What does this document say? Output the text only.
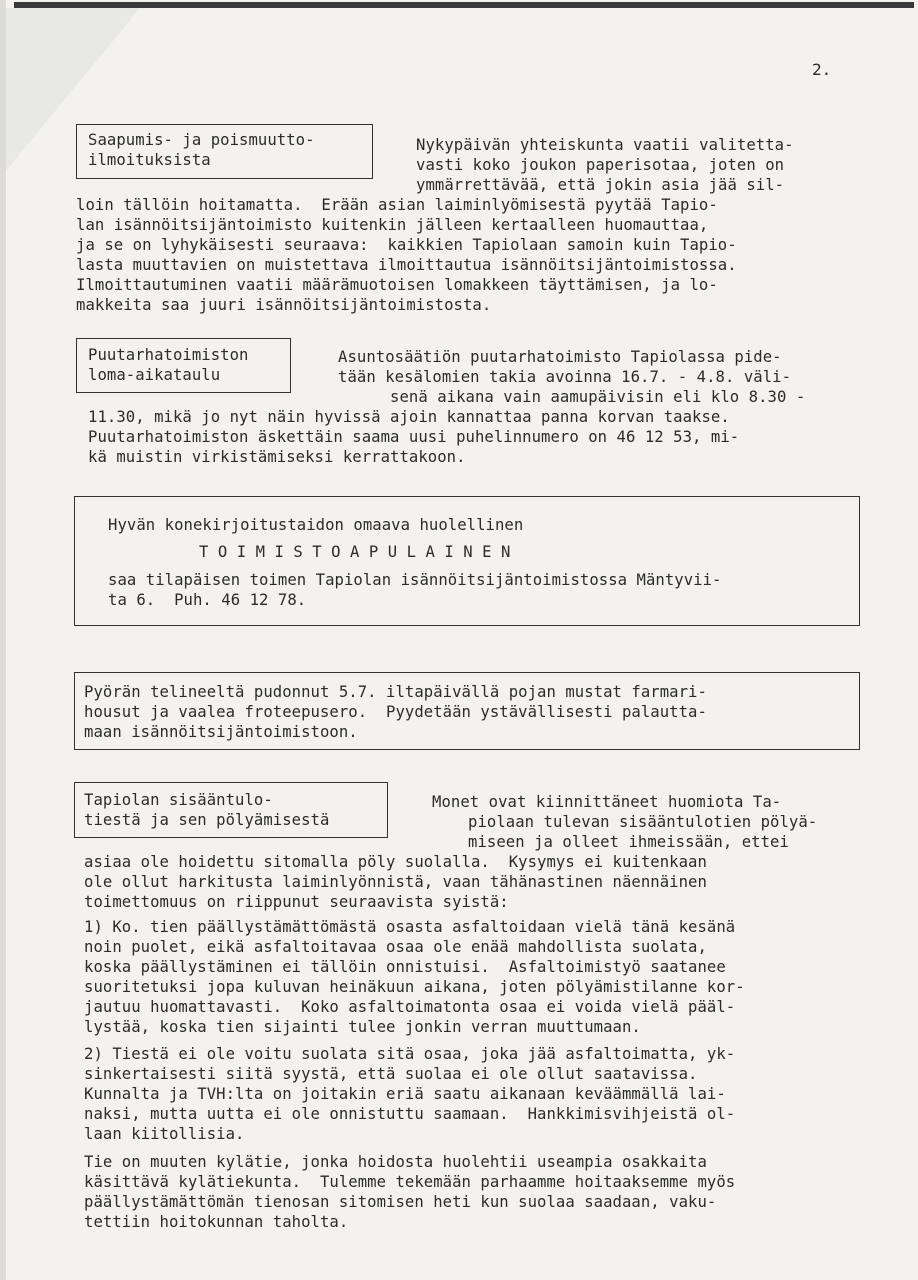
2.
Saapumis- ja poismuutto-
ilmoituksista
Nykypäivän yhteiskunta vaatii valitetta-
vasti koko joukon paperisotaa, joten on
ymmärrettävää, että jokin asia jää sil-
loin tällöin hoitamatta.  Erään asian laiminlyömisestä pyytää Tapio-
lan isännöitsijäntoimisto kuitenkin jälleen kertaalleen huomauttaa,
ja se on lyhykäisesti seuraava:  kaikkien Tapiolaan samoin kuin Tapio-
lasta muuttavien on muistettava ilmoittautua isännöitsijäntoimistossa.
Ilmoittautuminen vaatii määrämuotoisen lomakkeen täyttämisen, ja lo-
makkeita saa juuri isännöitsijäntoimistosta.
Puutarhatoimiston
loma-aikataulu
Asuntosäätiön puutarhatoimisto Tapiolassa pide-
tään kesälomien takia avoinna 16.7. - 4.8. väli-
senä aikana vain aamupäivisin eli klo 8.30 -
11.30, mikä jo nyt näin hyvissä ajoin kannattaa panna korvan taakse.
Puutarhatoimiston äskettäin saama uusi puhelinnumero on 46 12 53, mi-
kä muistin virkistämiseksi kerrattakoon.
Hyvän konekirjoitustaidon omaava huolellinen
T O I M I S T O A P U L A I N E N
saa tilapäisen toimen Tapiolan isännöitsijäntoimistossa Mäntyvii-
ta 6.  Puh. 46 12 78.
Pyörän telineeltä pudonnut 5.7. iltapäivällä pojan mustat farmari-
housut ja vaalea froteepusero.  Pyydetään ystävällisesti palautta-
maan isännöitsijäntoimistoon.
Tapiolan sisääntulo-
tiestä ja sen pölyämisestä
Monet ovat kiinnittäneet huomiota Ta-
piolaan tulevan sisääntulotien pölyä-
miseen ja olleet ihmeissään, ettei
asiaa ole hoidettu sitomalla pöly suolalla.  Kysymys ei kuitenkaan
ole ollut harkitusta laiminlyönnistä, vaan tähänastinen näennäinen
toimettomuus on riippunut seuraavista syistä:
1) Ko. tien päällystämättömästä osasta asfaltoidaan vielä tänä kesänä
noin puolet, eikä asfaltoitavaa osaa ole enää mahdollista suolata,
koska päällystäminen ei tällöin onnistuisi.  Asfaltoimistyö saatanee
suoritetuksi jopa kuluvan heinäkuun aikana, joten pölyämistilanne kor-
jautuu huomattavasti.  Koko asfaltoimatonta osaa ei voida vielä pääl-
lystää, koska tien sijainti tulee jonkin verran muuttumaan.
2) Tiestä ei ole voitu suolata sitä osaa, joka jää asfaltoimatta, yk-
sinkertaisesti siitä syystä, että suolaa ei ole ollut saatavissa.
Kunnalta ja TVH:lta on joitakin eriä saatu aikanaan keväämmällä lai-
naksi, mutta uutta ei ole onnistuttu saamaan.  Hankkimisvihjeistä ol-
laan kiitollisia.
Tie on muuten kylätie, jonka hoidosta huolehtii useampia osakkaita
käsittävä kylätiekunta.  Tulemme tekemään parhaamme hoitaaksemme myös
päällystämättömän tienosan sitomisen heti kun suolaa saadaan, vaku-
tettiin hoitokunnan taholta.
